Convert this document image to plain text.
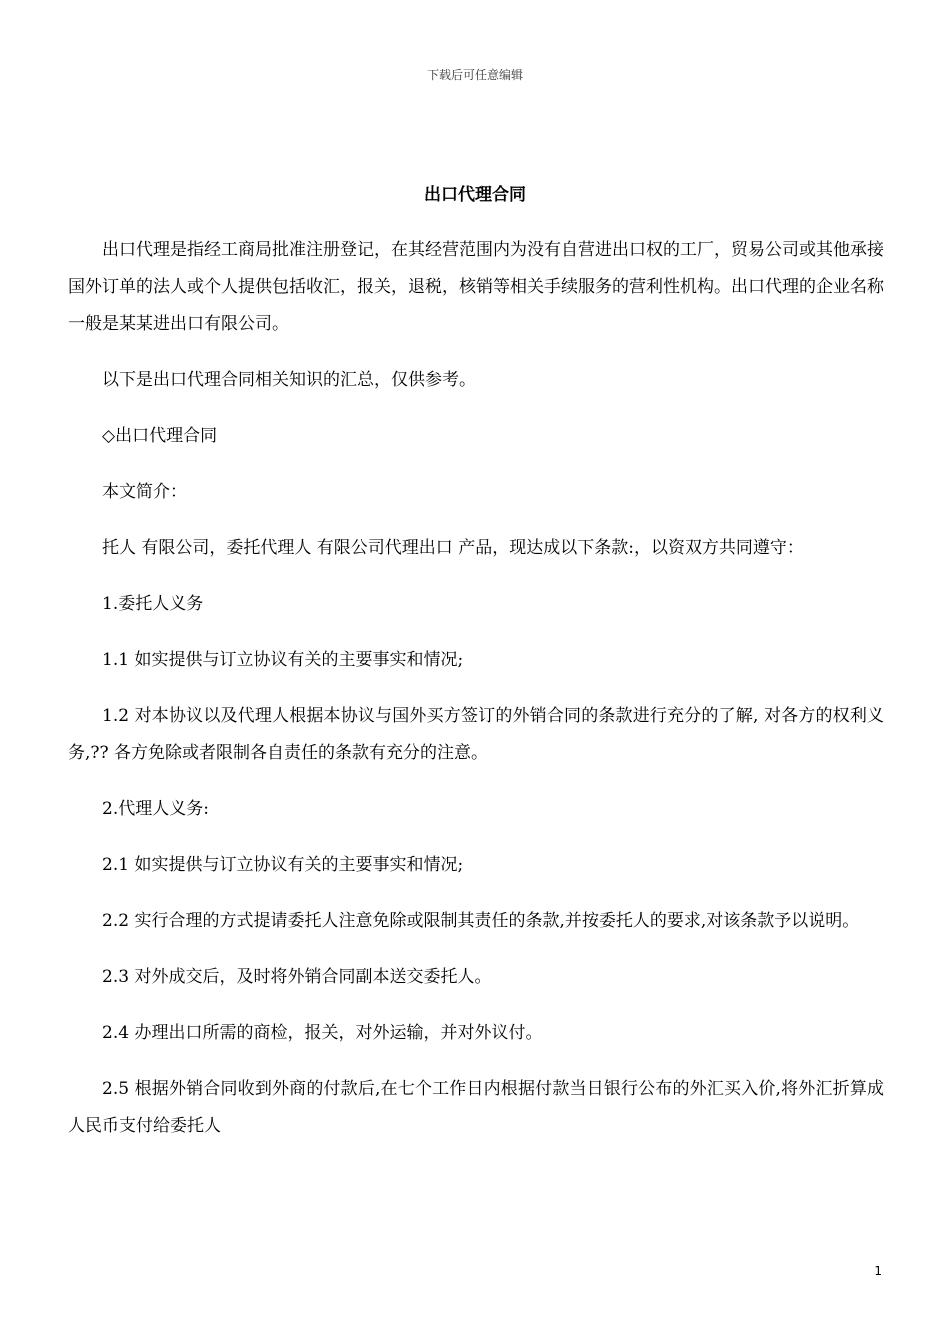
下载后可任意编辑
出口代理合同

出口代理是指经工商局批准注册登记，在其经营范围内为没有自营进出口权的工厂，贸易公司或其他承接国外订单的法人或个人提供包括收汇，报关，退税，核销等相关手续服务的营利性机构。出口代理的企业名称一般是某某进出口有限公司。

以下是出口代理合同相关知识的汇总，仅供参考。

◇出口代理合同

本文简介：

托人 有限公司，委托代理人 有限公司代理出口 产品，现达成以下条款:，以资双方共同遵守：

1.委托人义务

1.1 如实提供与订立协议有关的主要事实和情况;

1.2 对本协议以及代理人根据本协议与国外买方签订的外销合同的条款进行充分的了解, 对各方的权利义务,?? 各方免除或者限制各自责任的条款有充分的注意。

2.代理人义务:

2.1 如实提供与订立协议有关的主要事实和情况;

2.2 实行合理的方式提请委托人注意免除或限制其责任的条款,并按委托人的要求,对该条款予以说明。

2.3 对外成交后，及时将外销合同副本送交委托人。

2.4 办理出口所需的商检，报关，对外运输，并对外议付。

2.5 根据外销合同收到外商的付款后,在七个工作日内根据付款当日银行公布的外汇买入价,将外汇折算成人民币支付给委托人

1
